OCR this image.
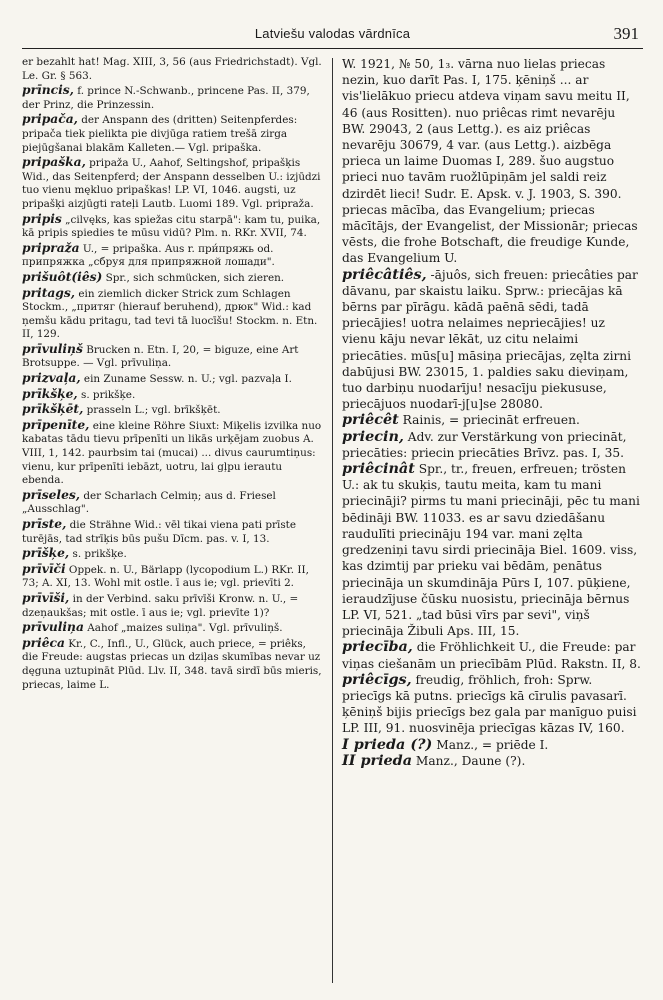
Latviešu valodas vārdnīca	391

er bezahlt hat! Mag. XIII, 3, 56 (aus Friedrichstadt). Vgl. Le. Gr. § 563.

prīncis, f. prince N.-Schwanb., princene Pas. II, 379, der Prinz, die Prinzessin.

pripača, der Anspann des (dritten) Seitenpferdes: pripača tiek pielikta pie divjūga ratiem trešā zirga piejūgšanai blakām Kalleten.— Vgl. pripaška.

pripaška, pripaža U., Aahof, Seltingshof, pripašķis Wid., das Seitenpferd; der Anspann desselben U.: izjūdzi tuo vienu mękluo pripaškas! LP. VI, 1046. augsti, uz pripašķi aizjūgti rateļi Lautb. Luomi 189. Vgl. pripraža.

pripis „cilvęks, kas spiežas citu starpā": kam tu, puika, kā pripis spiedies te mūsu vidū? Plm. n. RKr. XVII, 74.

pripraža U., = pripaška. Aus r. при́пряжь od. припряжка „сбруя для припряжной лошади".

prišuôt(iês) Spr., sich schmücken, sich zieren.

pritags, ein ziemlich dicker Strick zum Schlagen Stockm., „притяг (hierauf beruhend), дрюк" Wid.: kad ņemšu kādu pritagu, tad tevi tā luocīšu! Stockm. n. Etn. II, 129.

prīvuliņš Brucken n. Etn. I, 20, = biguze, eine Art Brotsuppe. — Vgl. prīvuliņa.

prizvaļa, ein Zuname Sessw. n. U.; vgl. pazvaļa I.

prīkšķe, s. prikšķe.

prīkšķēt, prasseln L.; vgl. brīkšķēt.

prīpenīte, eine kleine Röhre Siuxt: Miķelis izvilka nuo kabatas tādu tievu prīpenīti un likās urķējam zuobus A. VIII, 1, 142. paurbsim tai (mucai) ... divus caurumtiņus: vienu, kur prīpenīti iebāzt, uotru, lai gļpu ierautu ebenda.

prīseles, der Scharlach Celmiņ; aus d. Friesel „Ausschlag".

prīste, die Strähne Wid.: vēl tikai viena pati prīste turējās, tad strīķis būs pušu Dīcm. pas. v. I, 13.

prīšķe, s. prikšķe.

prīvīči Oppek. n. U., Bärlapp (lycopodium L.) RKr. II, 73; A. XI, 13. Wohl mit ostle. ī aus ie; vgl. prievīti 2.

prīvīši, in der Verbind. saku prīvīši Kronw. n. U., = dzeņaukšas; mit ostle. ī aus ie; vgl. prievīte 1)?

prīvuliņa Aahof „maizes suliņa". Vgl. prīvuliņš.

priêca Kr., C., Infl., U., Glück, auch priece, = priêks, die Freude: augstas priecas un dziļas skumības nevar uz dęguna uztupināt Plūd. Llv. II, 348. tavā sirdī būs mieris, priecas, laime L.

W. 1921, № 50, 1₃. vārna nuo lielas priecas nezin, kuo darīt Pas. I, 175. ķēniņš ... ar vis'lielākuo priecu atdeva viņam savu meitu II, 46 (aus Rositten). nuo priêcas rimt nevarēju BW. 29043, 2 (aus Lettg.). es aiz priêcas nevarēju 30679, 4 var. (aus Lettg.). aizbēga prieca un laime Duomas I, 289. šuo augstuo prieci nuo tavām ruožlūpiņām jel saldi reiz dzirdēt lieci! Sudr. E. Apsk. v. J. 1903, S. 390. priecas mācība, das Evangelium; priecas mācītājs, der Evangelist, der Missionār; priecas vēsts, die frohe Botschaft, die freudige Kunde, das Evangelium U.

priêcâtiês, -ājuôs, sich freuen: priecâties par dāvanu, par skaistu laiku. Sprw.: priecājas kā bērns par pīrāgu. kādā paēnā sēdi, tadā priecājies! uotra nelaimes nepriecājies! uz vienu kāju nevar lēkāt, uz citu nelaimi priecāties. mūs[u] māsiņa priecājas, zęlta zirni dabūjusi BW. 23015, 1. paldies saku dieviņam, tuo darbiņu nuodarīju! nesacīju piekususe, priecājuos nuodarī-j[u]se 28080.

priêcêt Rainis, = priecināt erfreuen.

priecin, Adv. zur Verstärkung von priecināt, priecāties: priecin priecāties Brīvz. pas. I, 35.

priêcinât Spr., tr., freuen, erfreuen; trösten U.: ak tu skuķis, tautu meita, kam tu mani priecināji? pirms tu mani priecināji, pēc tu mani bēdināji BW. 11033. es ar savu dziedāšanu raudulīti priecināju 194 var. mani zęlta gredzeniņi tavu sirdi priecināja Biel. 1609. viss, kas dzimtij par prieku vai bēdām, penātus priecināja un skumdināja Pūrs I, 107. pūķiene, ieraudzījuse čūsku nuosistu, priecināja bērnus LP. VI, 521. „tad būsi vīrs par sevi", viņš priecināja Žibuli Aps. III, 15.

priecība, die Fröhlichkeit U., die Freude: par viņas ciešanām un priecībām Plūd. Rakstn. II, 8.

priêcīgs, freudig, fröhlich, froh: Sprw. priecīgs kā putns. priecīgs kā cīrulis pavasarī. ķēniņš bijis priecīgs bez gala par manīguo puisi LP. III, 91. nuosvinēja priecīgas kāzas IV, 160.

I prieda (?) Manz., = priēde I.

II prieda Manz., Daune (?).
